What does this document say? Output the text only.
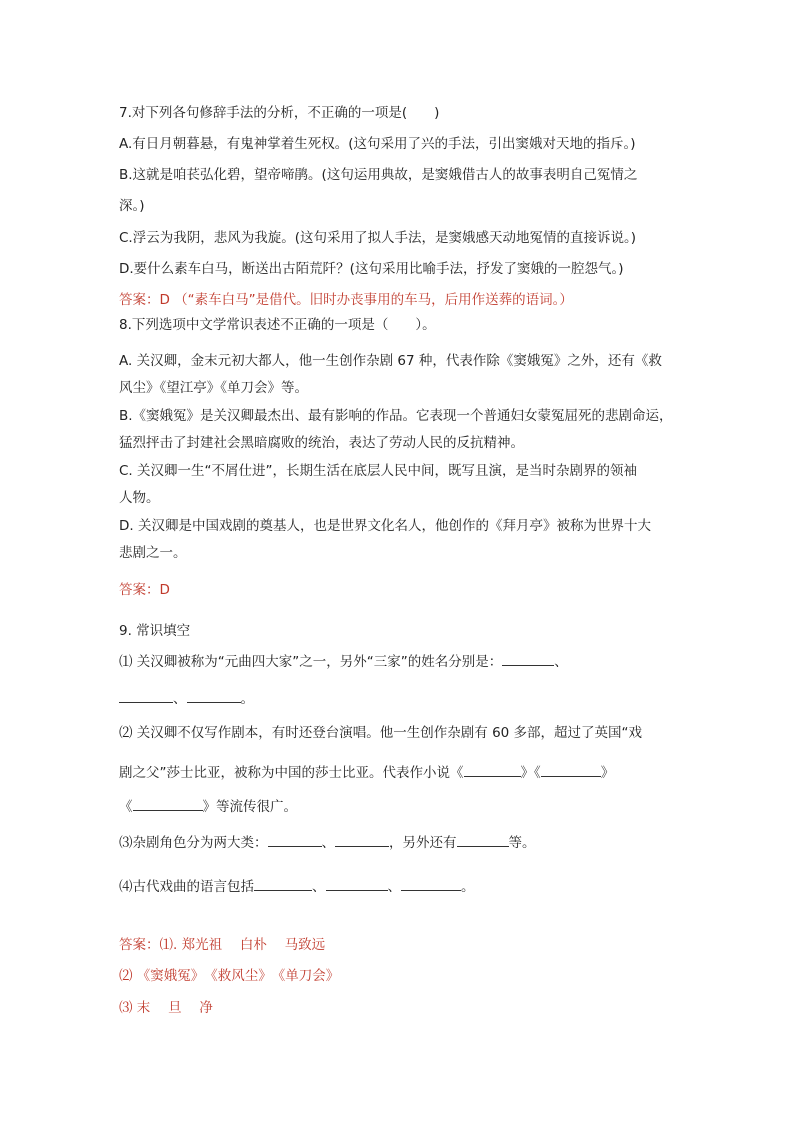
7.对下列各句修辞手法的分析，不正确的一项是(　　)
A.有日月朝暮悬，有鬼神掌着生死权。(这句采用了兴的手法，引出窦娥对天地的指斥。)
B.这就是咱苌弘化碧，望帝啼鹃。(这句运用典故，是窦娥借古人的故事表明自己冤情之
深。)
C.浮云为我阴，悲风为我旋。(这句采用了拟人手法，是窦娥感天动地冤情的直接诉说。)
D.要什么素车白马，断送出古陌荒阡？(这句采用比喻手法，抒发了窦娥的一腔怨气。)
答案：D （“素车白马”是借代。旧时办丧事用的车马，后用作送葬的语词。）
8.下列选项中文学常识表述不正确的一项是（　　）。
A. 关汉卿，金末元初大都人，他一生创作杂剧 67 种，代表作除《窦娥冤》之外，还有《救
风尘》《望江亭》《单刀会》等。
B.《窦娥冤》是关汉卿最杰出、最有影响的作品。它表现一个普通妇女蒙冤屈死的悲剧命运，
猛烈抨击了封建社会黑暗腐败的统治，表达了劳动人民的反抗精神。
C. 关汉卿一生“不屑仕进”，长期生活在底层人民中间，既写且演，是当时杂剧界的领袖
人物。
D. 关汉卿是中国戏剧的奠基人，也是世界文化名人，他创作的《拜月亭》被称为世界十大
悲剧之一。
答案：D
9. 常识填空
⑴ 关汉卿被称为“元曲四大家”之一，另外“三家”的姓名分别是：	、
、	。
⑵ 关汉卿不仅写作剧本，有时还登台演唱。他一生创作杂剧有 60 多部，超过了英国“戏
剧之父”莎士比亚，被称为中国的莎士比亚。代表作小说《	》《	》
《	》等流传很广。
⑶杂剧角色分为两大类：	、	，另外还有	等。
⑷古代戏曲的语言包括	、	、	。
答案：⑴. 郑光祖　 白朴　 马致远
⑵ 《窦娥冤》　《救风尘》　《单刀会》
⑶ 末　 旦　 净
